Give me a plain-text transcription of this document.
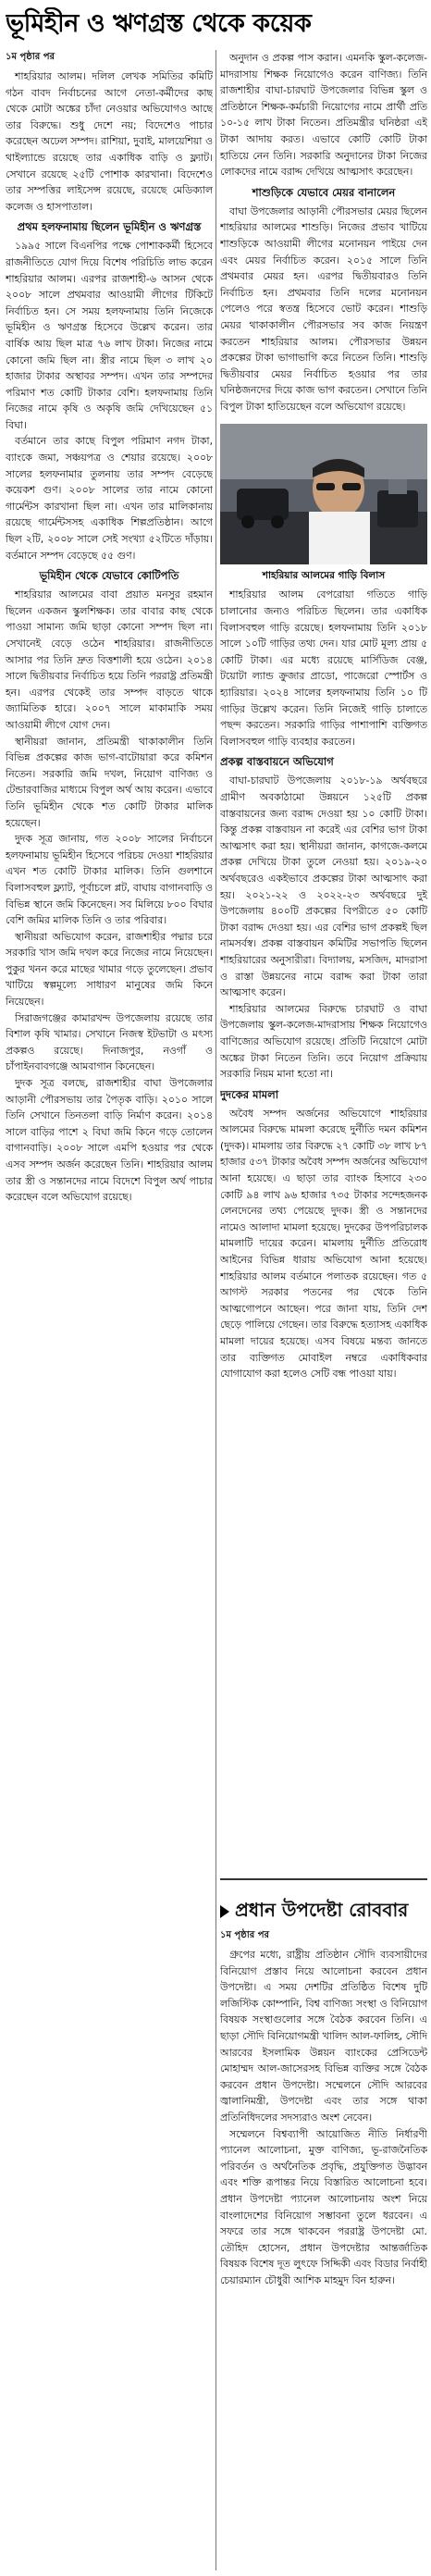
ভূমিহীন ও ঋণগ্রস্ত থেকে কয়েক
১ম পৃষ্ঠার পর

শাহরিয়ার আলম। দলিল লেখক সমিতির কমিটি গঠন বাবদ নির্বাচনের আগে নেতা-কর্মীদের কাছ থেকে মোটা অঙ্কের চাঁদা নেওয়ার অভিযোগও আছে তার বিরুদ্ধে। শুধু দেশে নয়; বিদেশেও পাচার করেছেন অঢেল সম্পদ। রাশিয়া, দুবাই, মালয়েশিয়া ও থাইল্যান্ডে রয়েছে তার একাধিক বাড়ি ও ফ্ল্যাট। সেখানে রয়েছে ২৫টি পোশাক কারখানা। বিদেশেও তার সম্পত্তির লাইসেন্স রয়েছে, রয়েছে মেডিক্যাল কলেজ ও হাসপাতাল।

প্রথম হলফনামায় ছিলেন ভূমিহীন ও ঋণগ্রস্ত

১৯৯৫ সালে বিএনপির পক্ষে পোশাককর্মী হিসেবে রাজনীতিতে যোগ দিয়ে বিশেষ পরিচিতি লাভ করেন শাহরিয়ার আলম। এরপর রাজশাহী-৬ আসন থেকে ২০০৮ সালে প্রথমবার আওয়ামী লীগের টিকিটে নির্বাচিত হন। সে সময় হলফনামায় তিনি নিজেকে ভূমিহীন ও ঋণগ্রস্ত হিসেবে উল্লেখ করেন। তার বার্ষিক আয় ছিল মাত্র ৭৬ লাখ টাকা। নিজের নামে কোনো জমি ছিল না। স্ত্রীর নামে ছিল ৩ লাখ ২০ হাজার টাকার অস্থাবর সম্পদ। এখন তার সম্পদের পরিমাণ শত কোটি টাকার বেশি। হলফনামায় তিনি নিজের নামে কৃষি ও অকৃষি জমি দেখিয়েছেন ৫১ বিঘা।

বর্তমানে তার কাছে বিপুল পরিমাণ নগদ টাকা, ব্যাংকে জমা, সঞ্চয়পত্র ও শেয়ার রয়েছে। ২০০৮ সালের হলফনামার তুলনায় তার সম্পদ বেড়েছে কয়েকশ গুণ। ২০০৮ সালের তার নামে কোনো গার্মেন্টস কারখানা ছিল না। এখন তার মালিকানায় রয়েছে গার্মেন্টসসহ একাধিক শিল্পপ্রতিষ্ঠান। আগে ছিল ২টি, ২০০৮ সালে সেই সংখ্যা ৫২টিতে দাঁড়ায়। বর্তমানে সম্পদ বেড়েছে ৫৫ গুণ।

ভূমিহীন থেকে যেভাবে কোটিপতি

শাহরিয়ার আলমের বাবা প্রয়াত মনসুর রহমান ছিলেন একজন স্কুলশিক্ষক। তার বাবার কাছ থেকে পাওয়া সামান্য জমি ছাড়া কোনো সম্পদ ছিল না। সেখানেই বেড়ে ওঠেন শাহরিয়ার। রাজনীতিতে আসার পর তিনি দ্রুত বিত্তশালী হয়ে ওঠেন। ২০১৪ সালে দ্বিতীয়বার নির্বাচিত হয়ে তিনি পররাষ্ট্র প্রতিমন্ত্রী হন। এরপর থেকেই তার সম্পদ বাড়তে থাকে জ্যামিতিক হারে। ২০০৭ সালে মাকামাকি সময় আওয়ামী লীগে যোগ দেন।

স্থানীয়রা জানান, প্রতিমন্ত্রী থাকাকালীন তিনি বিভিন্ন প্রকল্পের কাজ ভাগ-বাটোয়ারা করে কমিশন নিতেন। সরকারি জমি দখল, নিয়োগ বাণিজ্য ও টেন্ডারবাজির মাধ্যমে বিপুল অর্থ আয় করেন। এভাবে তিনি ভূমিহীন থেকে শত কোটি টাকার মালিক হয়েছেন।

দুদক সূত্র জানায়, গত ২০০৮ সালের নির্বাচনে হলফনামায় ভূমিহীন হিসেবে পরিচয় দেওয়া শাহরিয়ার এখন শত কোটি টাকার মালিক। তিনি গুলশানে বিলাসবহুল ফ্ল্যাট, পূর্বাচলে প্লট, বাঘায় বাগানবাড়ি ও বিভিন্ন স্থানে জমি কিনেছেন। সব মিলিয়ে ৮০০ বিঘার বেশি জমির মালিক তিনি ও তার পরিবার।

স্থানীয়রা অভিযোগ করেন, রাজশাহীর পদ্মার চরে সরকারি খাস জমি দখল করে নিজের নামে নিয়েছেন। পুকুর খনন করে মাছের খামার গড়ে তুলেছেন। প্রভাব খাটিয়ে স্বল্পমূল্যে সাধারণ মানুষের জমি কিনে নিয়েছেন।

সিরাজগঞ্জের কামারখন্দ উপজেলায় রয়েছে তার বিশাল কৃষি খামার। সেখানে নিজস্ব ইটভাটা ও মৎস্য প্রকল্পও রয়েছে। দিনাজপুর, নওগাঁ ও চাঁপাইনবাবগঞ্জে আমবাগান কিনেছেন।

দুদক সূত্র বলছে, রাজশাহীর বাঘা উপজেলার আড়ানী পৌরসভায় তার পৈতৃক বাড়ি। ২০১০ সালে তিনি সেখানে তিনতলা বাড়ি নির্মাণ করেন। ২০১৪ সালে বাড়ির পাশে ২ বিঘা জমি কিনে গড়ে তোলেন বাগানবাড়ি। ২০০৮ সালে এমপি হওয়ার পর থেকে এসব সম্পদ অর্জন করেছেন তিনি। শাহরিয়ার আলম তার স্ত্রী ও সন্তানদের নামে বিদেশে বিপুল অর্থ পাচার করেছেন বলে অভিযোগ রয়েছে।

অনুদান ও প্রকল্প পাস করান। এমনকি স্কুল-কলেজ-মাদরাসায় শিক্ষক নিয়োগেও করেন বাণিজ্য। তিনি রাজশাহীর বাঘা-চারঘাট উপজেলার বিভিন্ন স্কুল ও প্রতিষ্ঠানে শিক্ষক-কর্মচারী নিয়োগের নামে প্রার্থী প্রতি ১০-১৫ লাখ টাকা নিতেন। প্রতিমন্ত্রীর ঘনিষ্ঠরা এই টাকা আদায় করত। এভাবে কোটি কোটি টাকা হাতিয়ে নেন তিনি। সরকারি অনুদানের টাকা নিজের লোকদের নামে বরাদ্দ দেখিয়ে আত্মসাৎ করেছেন।

শাশুড়িকে যেভাবে মেয়র বানালেন

বাঘা উপজেলার আড়ানী পৌরসভার মেয়র ছিলেন শাহরিয়ার আলমের শাশুড়ি। নিজের প্রভাব খাটিয়ে শাশুড়িকে আওয়ামী লীগের মনোনয়ন পাইয়ে দেন এবং মেয়র নির্বাচিত করেন। ২০১৫ সালে তিনি প্রথমবার মেয়র হন। এরপর দ্বিতীয়বারও তিনি নির্বাচিত হন। প্রথমবার তিনি দলের মনোনয়ন পেলেও পরে স্বতন্ত্র হিসেবে ভোট করেন। শাশুড়ি মেয়র থাকাকালীন পৌরসভার সব কাজ নিয়ন্ত্রণ করতেন শাহরিয়ার আলম। পৌরসভার উন্নয়ন প্রকল্পের টাকা ভাগাভাগি করে নিতেন তিনি। শাশুড়ি দ্বিতীয়বার মেয়র নির্বাচিত হওয়ার পর তার ঘনিষ্ঠজনদের দিয়ে কাজ ভাগ করতেন। সেখানে তিনি বিপুল টাকা হাতিয়েছেন বলে অভিযোগ রয়েছে।

শাহরিয়ার আলমের গাড়ি বিলাস

শাহরিয়ার আলম বেপরোয়া গতিতে গাড়ি চালানোর জন্যও পরিচিত ছিলেন। তার একাধিক বিলাসবহুল গাড়ি রয়েছে। হলফনামায় তিনি ২০১৮ সালে ১০টি গাড়ির তথ্য দেন। যার মোট মূল্য প্রায় ৫ কোটি টাকা। এর মধ্যে রয়েছে মার্সিডিজ বেঞ্জ, টয়োটা ল্যান্ড ক্রুজার প্রাডো, পাজেরো স্পোর্টস ও হ্যারিয়ার। ২০২৪ সালের হলফনামায় তিনি ১০ টি গাড়ির উল্লেখ করেন। তিনি নিজেই গাড়ি চালাতে পছন্দ করতেন। সরকারি গাড়ির পাশাপাশি ব্যক্তিগত বিলাসবহুল গাড়ি ব্যবহার করতেন।

প্রকল্প বাস্তবায়নে অভিযোগ

বাঘা-চারঘাট উপজেলায় ২০১৮-১৯ অর্থবছরে গ্রামীণ অবকাঠামো উন্নয়নে ১২৫টি প্রকল্প বাস্তবায়নের জন্য বরাদ্দ দেওয়া হয় ১০ কোটি টাকা। কিন্তু প্রকল্প বাস্তবায়ন না করেই এর বেশির ভাগ টাকা আত্মসাৎ করা হয়। স্থানীয়রা জানান, কাগজে-কলমে প্রকল্প দেখিয়ে টাকা তুলে নেওয়া হয়। ২০১৯-২০ অর্থবছরেও একইভাবে প্রকল্পের টাকা আত্মসাৎ করা হয়। ২০২১-২২ ও ২০২২-২৩ অর্থবছরে দুই উপজেলায় ৪০০টি প্রকল্পের বিপরীতে ৫০ কোটি টাকা বরাদ্দ দেওয়া হয়। এর বেশির ভাগ প্রকল্পই ছিল নামসর্বস্ব। প্রকল্প বাস্তবায়ন কমিটির সভাপতি ছিলেন শাহরিয়ারের অনুসারীরা। বিদ্যালয়, মসজিদ, মাদরাসা ও রাস্তা উন্নয়নের নামে বরাদ্দ করা টাকা তারা আত্মসাৎ করেন।

শাহরিয়ার আলমের বিরুদ্ধে চারঘাট ও বাঘা উপজেলায় স্কুল-কলেজ-মাদরাসায় শিক্ষক নিয়োগেও বাণিজ্যের অভিযোগ রয়েছে। প্রতিটি নিয়োগে মোটা অঙ্কের টাকা নিতেন তিনি। তবে নিয়োগ প্রক্রিয়ায় সরকারি নিয়ম মানা হতো না।

দুদকের মামলা

অবৈধ সম্পদ অর্জনের অভিযোগে শাহরিয়ার আলমের বিরুদ্ধে মামলা করেছে দুর্নীতি দমন কমিশন (দুদক)। মামলায় তার বিরুদ্ধে ২৭ কোটি ৩৮ লাখ ৮৭ হাজার ৫৩৭ টাকার অবৈধ সম্পদ অর্জনের অভিযোগ আনা হয়েছে। এ ছাড়া তার ব্যাংক হিসাবে ২৩০ কোটি ৯৪ লাখ ৯৬ হাজার ৭৩৫ টাকার সন্দেহজনক লেনদেনের তথ্য পেয়েছে দুদক। স্ত্রী ও সন্তানদের নামেও আলাদা মামলা হয়েছে। দুদকের উপপরিচালক মামলাটি দায়ের করেন। মামলায় দুর্নীতি প্রতিরোধ আইনের বিভিন্ন ধারায় অভিযোগ আনা হয়েছে। শাহরিয়ার আলম বর্তমানে পলাতক রয়েছেন। গত ৫ আগস্ট সরকার পতনের পর থেকে তিনি আত্মগোপনে আছেন। পরে জানা যায়, তিনি দেশ ছেড়ে পালিয়ে গেছেন। তার বিরুদ্ধে হত্যাসহ একাধিক মামলা দায়ের হয়েছে। এসব বিষয়ে মন্তব্য জানতে তার ব্যক্তিগত মোবাইল নম্বরে একাধিকবার যোগাযোগ করা হলেও সেটি বন্ধ পাওয়া যায়।

প্রধান উপদেষ্টা রোববার
১ম পৃষ্ঠার পর

গ্রুপের মধ্যে, রাষ্ট্রীয় প্রতিষ্ঠান সৌদি ব্যবসায়ীদের বিনিয়োগ প্রস্তাব নিয়ে আলোচনা করবেন প্রধান উপদেষ্টা। এ সময় দেশটির প্রতিষ্ঠিত বিশেষ দুটি লজিস্টিক কোম্পানি, বিশ্ব বাণিজ্য সংস্থা ও বিনিয়োগ বিষয়ক সংস্থাগুলোর সঙ্গে বৈঠক করবেন তিনি। এ ছাড়া সৌদি বিনিয়োগমন্ত্রী খালিদ আল-ফালিহ, সৌদি আরবের ইসলামিক উন্নয়ন ব্যাংকের প্রেসিডেন্ট মোহাম্মদ আল-জাসেরসহ বিভিন্ন ব্যক্তির সঙ্গে বৈঠক করবেন প্রধান উপদেষ্টা। সম্মেলনে সৌদি আরবের জ্বালানিমন্ত্রী, উপদেষ্টা এবং তার সঙ্গে থাকা প্রতিনিধিদলের সদস্যরাও অংশ নেবেন।

সম্মেলনে বিশ্বব্যাপী আয়োজিত নীতি নির্ধারণী প্যানেল আলোচনা, মুক্ত বাণিজ্য, ভূ-রাজনৈতিক পরিবর্তন ও অর্থনৈতিক প্রবৃদ্ধি, প্রযুক্তিগত উদ্ভাবন এবং শক্তি রূপান্তর নিয়ে বিস্তারিত আলোচনা হবে। প্রধান উপদেষ্টা প্যানেল আলোচনায় অংশ নিয়ে বাংলাদেশের বিনিয়োগ সম্ভাবনা তুলে ধরবেন। এ সফরে তার সঙ্গে থাকবেন পররাষ্ট্র উপদেষ্টা মো. তৌহিদ হোসেন, প্রধান উপদেষ্টার আন্তর্জাতিক বিষয়ক বিশেষ দূত লুৎফে সিদ্দিকী এবং বিডার নির্বাহী চেয়ারম্যান চৌধুরী আশিক মাহমুদ বিন হারুন।
